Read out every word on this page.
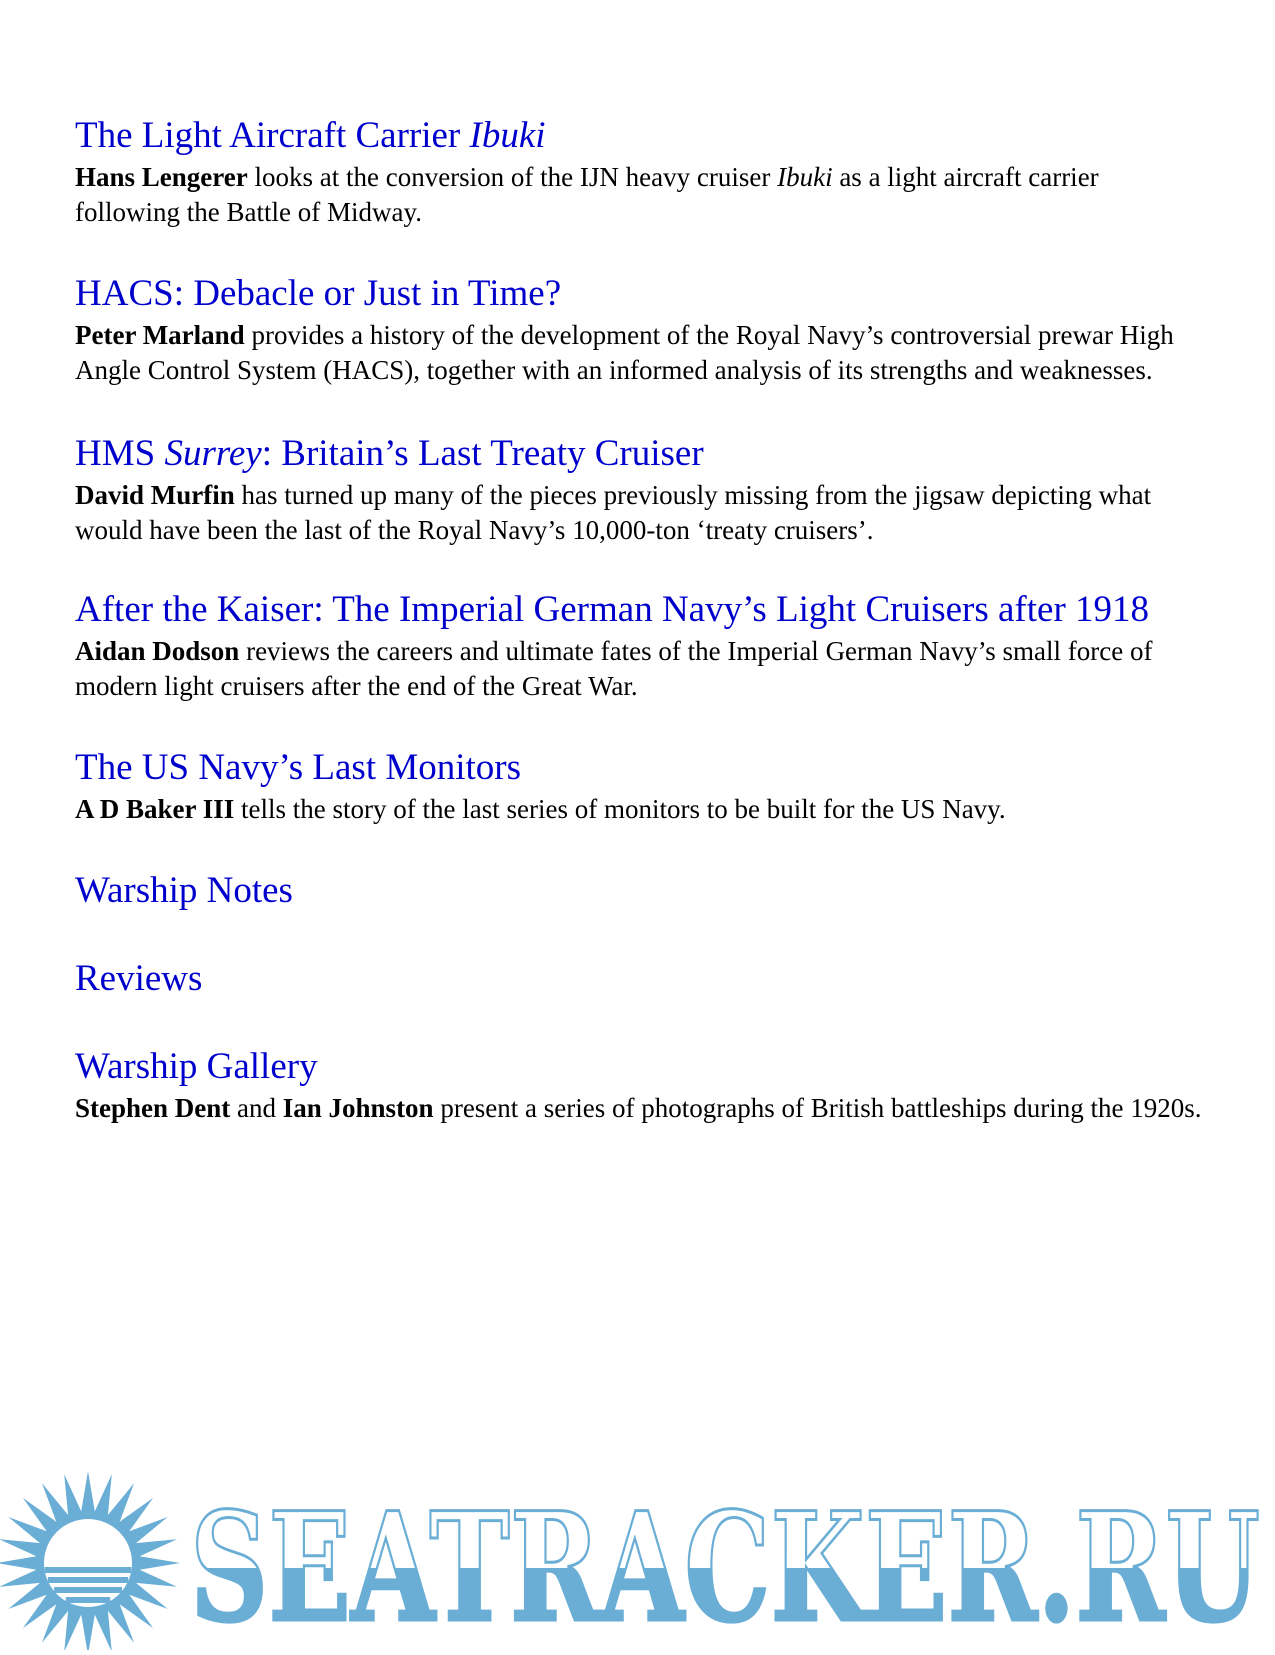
The Light Aircraft Carrier Ibuki

Hans Lengerer looks at the conversion of the IJN heavy cruiser Ibuki as a light aircraft carrier following the Battle of Midway.

HACS: Debacle or Just in Time?

Peter Marland provides a history of the development of the Royal Navy’s controversial prewar High Angle Control System (HACS), together with an informed analysis of its strengths and weaknesses.

HMS Surrey: Britain’s Last Treaty Cruiser

David Murfin has turned up many of the pieces previously missing from the jigsaw depicting what would have been the last of the Royal Navy’s 10,000-ton ‘treaty cruisers’.

After the Kaiser: The Imperial German Navy’s Light Cruisers after 1918

Aidan Dodson reviews the careers and ultimate fates of the Imperial German Navy’s small force of modern light cruisers after the end of the Great War.

The US Navy’s Last Monitors

A D Baker III tells the story of the last series of monitors to be built for the US Navy.

Warship Notes
Reviews
Warship Gallery

Stephen Dent and Ian Johnston present a series of photographs of British battleships during the 1920s.

SEATRACKER.RU
